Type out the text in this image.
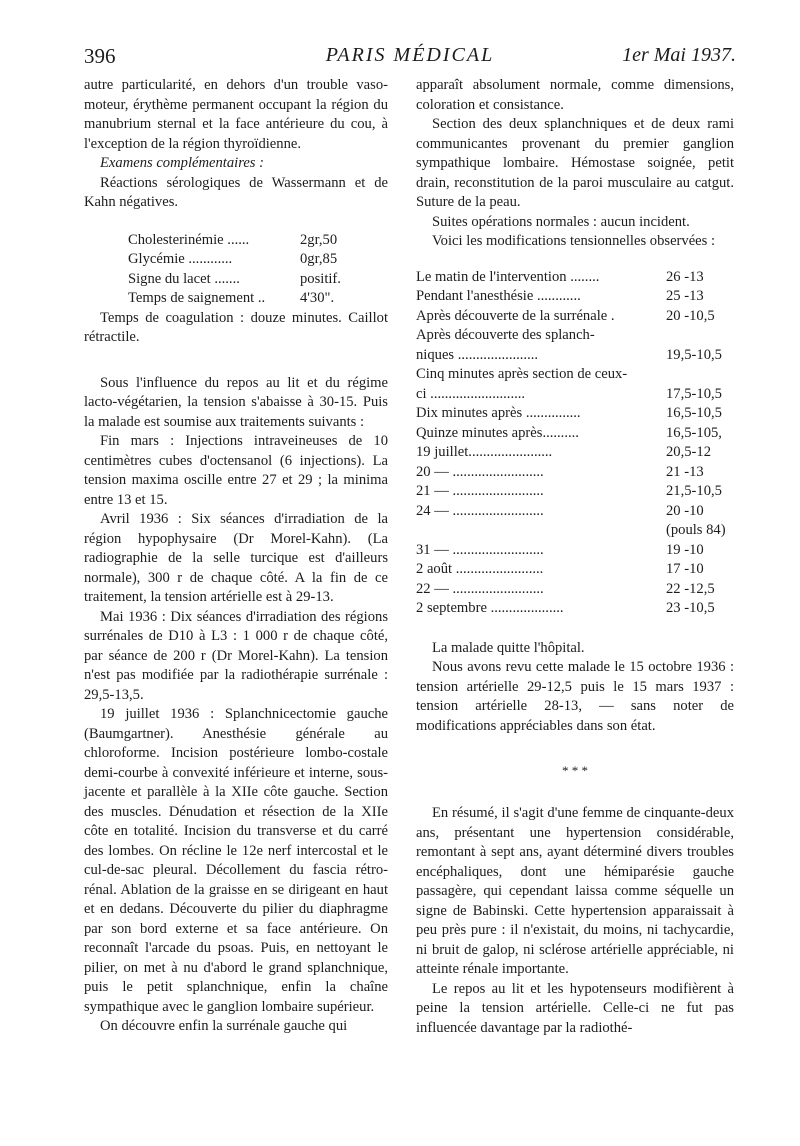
396	PARIS MÉDICAL	1er Mai 1937.

autre particularité, en dehors d'un trouble vaso-moteur, érythème permanent occupant la région du manubrium sternal et la face antérieure du cou, à l'exception de la région thyroïdienne.

Examens complémentaires :

Réactions sérologiques de Wassermann et de Kahn négatives.

Cholesterinémie ......	2gr,50
Glycémie ............	0gr,85
Signe du lacet .......	positif.
Temps de saignement ..	4'30".

Temps de coagulation : douze minutes. Caillot rétractile.

Sous l'influence du repos au lit et du régime lacto-végétarien, la tension s'abaisse à 30-15. Puis la malade est soumise aux traitements suivants :

Fin mars : Injections intraveineuses de 10 centimètres cubes d'octensanol (6 injections). La tension maxima oscille entre 27 et 29 ; la minima entre 13 et 15.

Avril 1936 : Six séances d'irradiation de la région hypophysaire (Dr Morel-Kahn). (La radiographie de la selle turcique est d'ailleurs normale), 300 r de chaque côté. A la fin de ce traitement, la tension artérielle est à 29-13.

Mai 1936 : Dix séances d'irradiation des régions surrénales de D10 à L3 : 1 000 r de chaque côté, par séance de 200 r (Dr Morel-Kahn). La tension n'est pas modifiée par la radiothérapie surrénale : 29,5-13,5.

19 juillet 1936 : Splanchnicectomie gauche (Baumgartner). Anesthésie générale au chloroforme. Incision postérieure lombo-costale demi-courbe à convexité inférieure et interne, sous-jacente et parallèle à la XIIe côte gauche. Section des muscles. Dénudation et résection de la XIIe côte en totalité. Incision du transverse et du carré des lombes. On récline le 12e nerf intercostal et le cul-de-sac pleural. Décollement du fascia rétro-rénal. Ablation de la graisse en se dirigeant en haut et en dedans. Découverte du pilier du diaphragme par son bord externe et sa face antérieure. On reconnaît l'arcade du psoas. Puis, en nettoyant le pilier, on met à nu d'abord le grand splanchnique, puis le petit splanchnique, enfin la chaîne sympathique avec le ganglion lombaire supérieur.

On découvre enfin la surrénale gauche qui

apparaît absolument normale, comme dimensions, coloration et consistance.

Section des deux splanchniques et de deux rami communicantes provenant du premier ganglion sympathique lombaire. Hémostase soignée, petit drain, reconstitution de la paroi musculaire au catgut. Suture de la peau.

Suites opérations normales : aucun incident.

Voici les modifications tensionnelles observées :

Le matin de l'intervention ........	26 -13
Pendant l'anesthésie ............	25 -13
Après découverte de la surrénale .	20 -10,5
Après découverte des splanch-
niques ......................	19,5-10,5
Cinq minutes après section de ceux-
ci ..........................	17,5-10,5
Dix minutes après ...............	16,5-10,5
Quinze minutes après..........	16,5-105,
19 juillet.......................	20,5-12
20 — .........................	21 -13
21 — .........................	21,5-10,5
24 — .........................	20 -10
(pouls 84)
31 — .........................	19 -10
2 août ........................	17 -10
22 — .........................	22 -12,5
2 septembre ....................	23 -10,5

La malade quitte l'hôpital.

Nous avons revu cette malade le 15 octobre 1936 : tension artérielle 29-12,5 puis le 15 mars 1937 : tension artérielle 28-13, — sans noter de modifications appréciables dans son état.

* * *

En résumé, il s'agit d'une femme de cinquante-deux ans, présentant une hypertension considérable, remontant à sept ans, ayant déterminé divers troubles encéphaliques, dont une hémiparésie gauche passagère, qui cependant laissa comme séquelle un signe de Babinski. Cette hypertension apparaissait à peu près pure : il n'existait, du moins, ni tachycardie, ni bruit de galop, ni sclérose artérielle appréciable, ni atteinte rénale importante.

Le repos au lit et les hypotenseurs modifièrent à peine la tension artérielle. Celle-ci ne fut pas influencée davantage par la radiothé-
